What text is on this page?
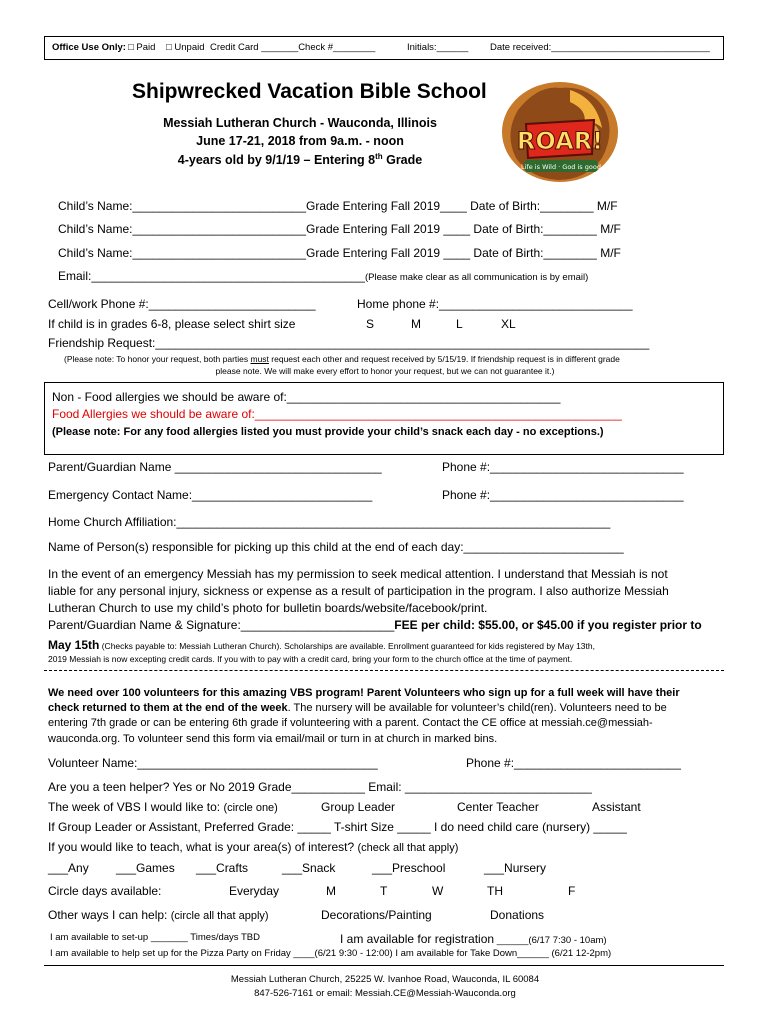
Office Use Only: □ Paid □ Unpaid Credit Card _______Check #________	Initials:______ Date received:______________________________
Shipwrecked Vacation Bible School
Messiah Lutheran Church - Wauconda, Illinois
June 17-21, 2018 from 9a.m. - noon
4-years old by 9/1/19 – Entering 8th Grade
ROAR!
Life is Wild · God is good
Child’s Name:__________________________Grade Entering Fall 2019____ Date of Birth:________ M/F
Child’s Name:__________________________Grade Entering Fall 2019 ____ Date of Birth:________ M/F
Child’s Name:__________________________Grade Entering Fall 2019 ____ Date of Birth:________ M/F
Email:_________________________________________(Please make clear as all communication is by email)
Cell/work Phone #:_________________________	Home phone #:_____________________________
If child is in grades 6-8, please select shirt size	S	M	L	XL
Friendship Request:__________________________________________________________________________
(Please note: To honor your request, both parties must request each other and request received by 5/15/19. If friendship request is in different grade
please note. We will make every effort to honor your request, but we can not guarantee it.)
Non - Food allergies we should be aware of:_________________________________________
Food Allergies we should be aware of:_______________________________________________________
(Please note: For any food allergies listed you must provide your child’s snack each day - no exceptions.)
Parent/Guardian Name _______________________________	Phone #:_____________________________
Emergency Contact Name:___________________________	Phone #:_____________________________
Home Church Affiliation:_________________________________________________________________
Name of Person(s) responsible for picking up this child at the end of each day:________________________
In the event of an emergency Messiah has my permission to seek medical attention. I understand that Messiah is not
liable for any personal injury, sickness or expense as a result of participation in the program. I also authorize Messiah
Lutheran Church to use my child’s photo for bulletin boards/website/facebook/print.
Parent/Guardian Name & Signature:_______________________FEE per child: $55.00, or $45.00 if you register prior to
May 15th (Checks payable to: Messiah Lutheran Church). Scholarships are available. Enrollment guaranteed for kids registered by May 13th,
2019 Messiah is now excepting credit cards. If you with to pay with a credit card, bring your form to the church office at the time of payment.
We need over 100 volunteers for this amazing VBS program! Parent Volunteers who sign up for a full week will have their
check returned to them at the end of the week. The nursery will be available for volunteer’s child(ren). Volunteers need to be
entering 7th grade or can be entering 6th grade if volunteering with a parent. Contact the CE office at messiah.ce@messiah-
wauconda.org. To volunteer send this form via email/mail or turn in at church in marked bins.
Volunteer Name:____________________________________	Phone #:_________________________
Are you a teen helper? Yes or No 2019 Grade___________ Email: ____________________________
The week of VBS I would like to: (circle one)	Group Leader	Center Teacher	Assistant
If Group Leader or Assistant, Preferred Grade: _____ T-shirt Size _____ I do need child care (nursery) _____
If you would like to teach, what is your area(s) of interest? (check all that apply)
___Any ___Games ___Crafts	___Snack	___Preschool	___Nursery
Circle days available:	Everyday	M	T	W	TH	F
Other ways I can help: (circle all that apply)	Decorations/Painting	Donations
I am available to set-up _______ Times/days TBD	I am available for registration ______(6/17 7:30 - 10am)
I am available to help set up for the Pizza Party on Friday ____(6/21 9:30 - 12:00) I am available for Take Down______ (6/21 12-2pm)
Messiah Lutheran Church, 25225 W. Ivanhoe Road, Wauconda, IL 60084
847-526-7161 or email: Messiah.CE@Messiah-Wauconda.org
